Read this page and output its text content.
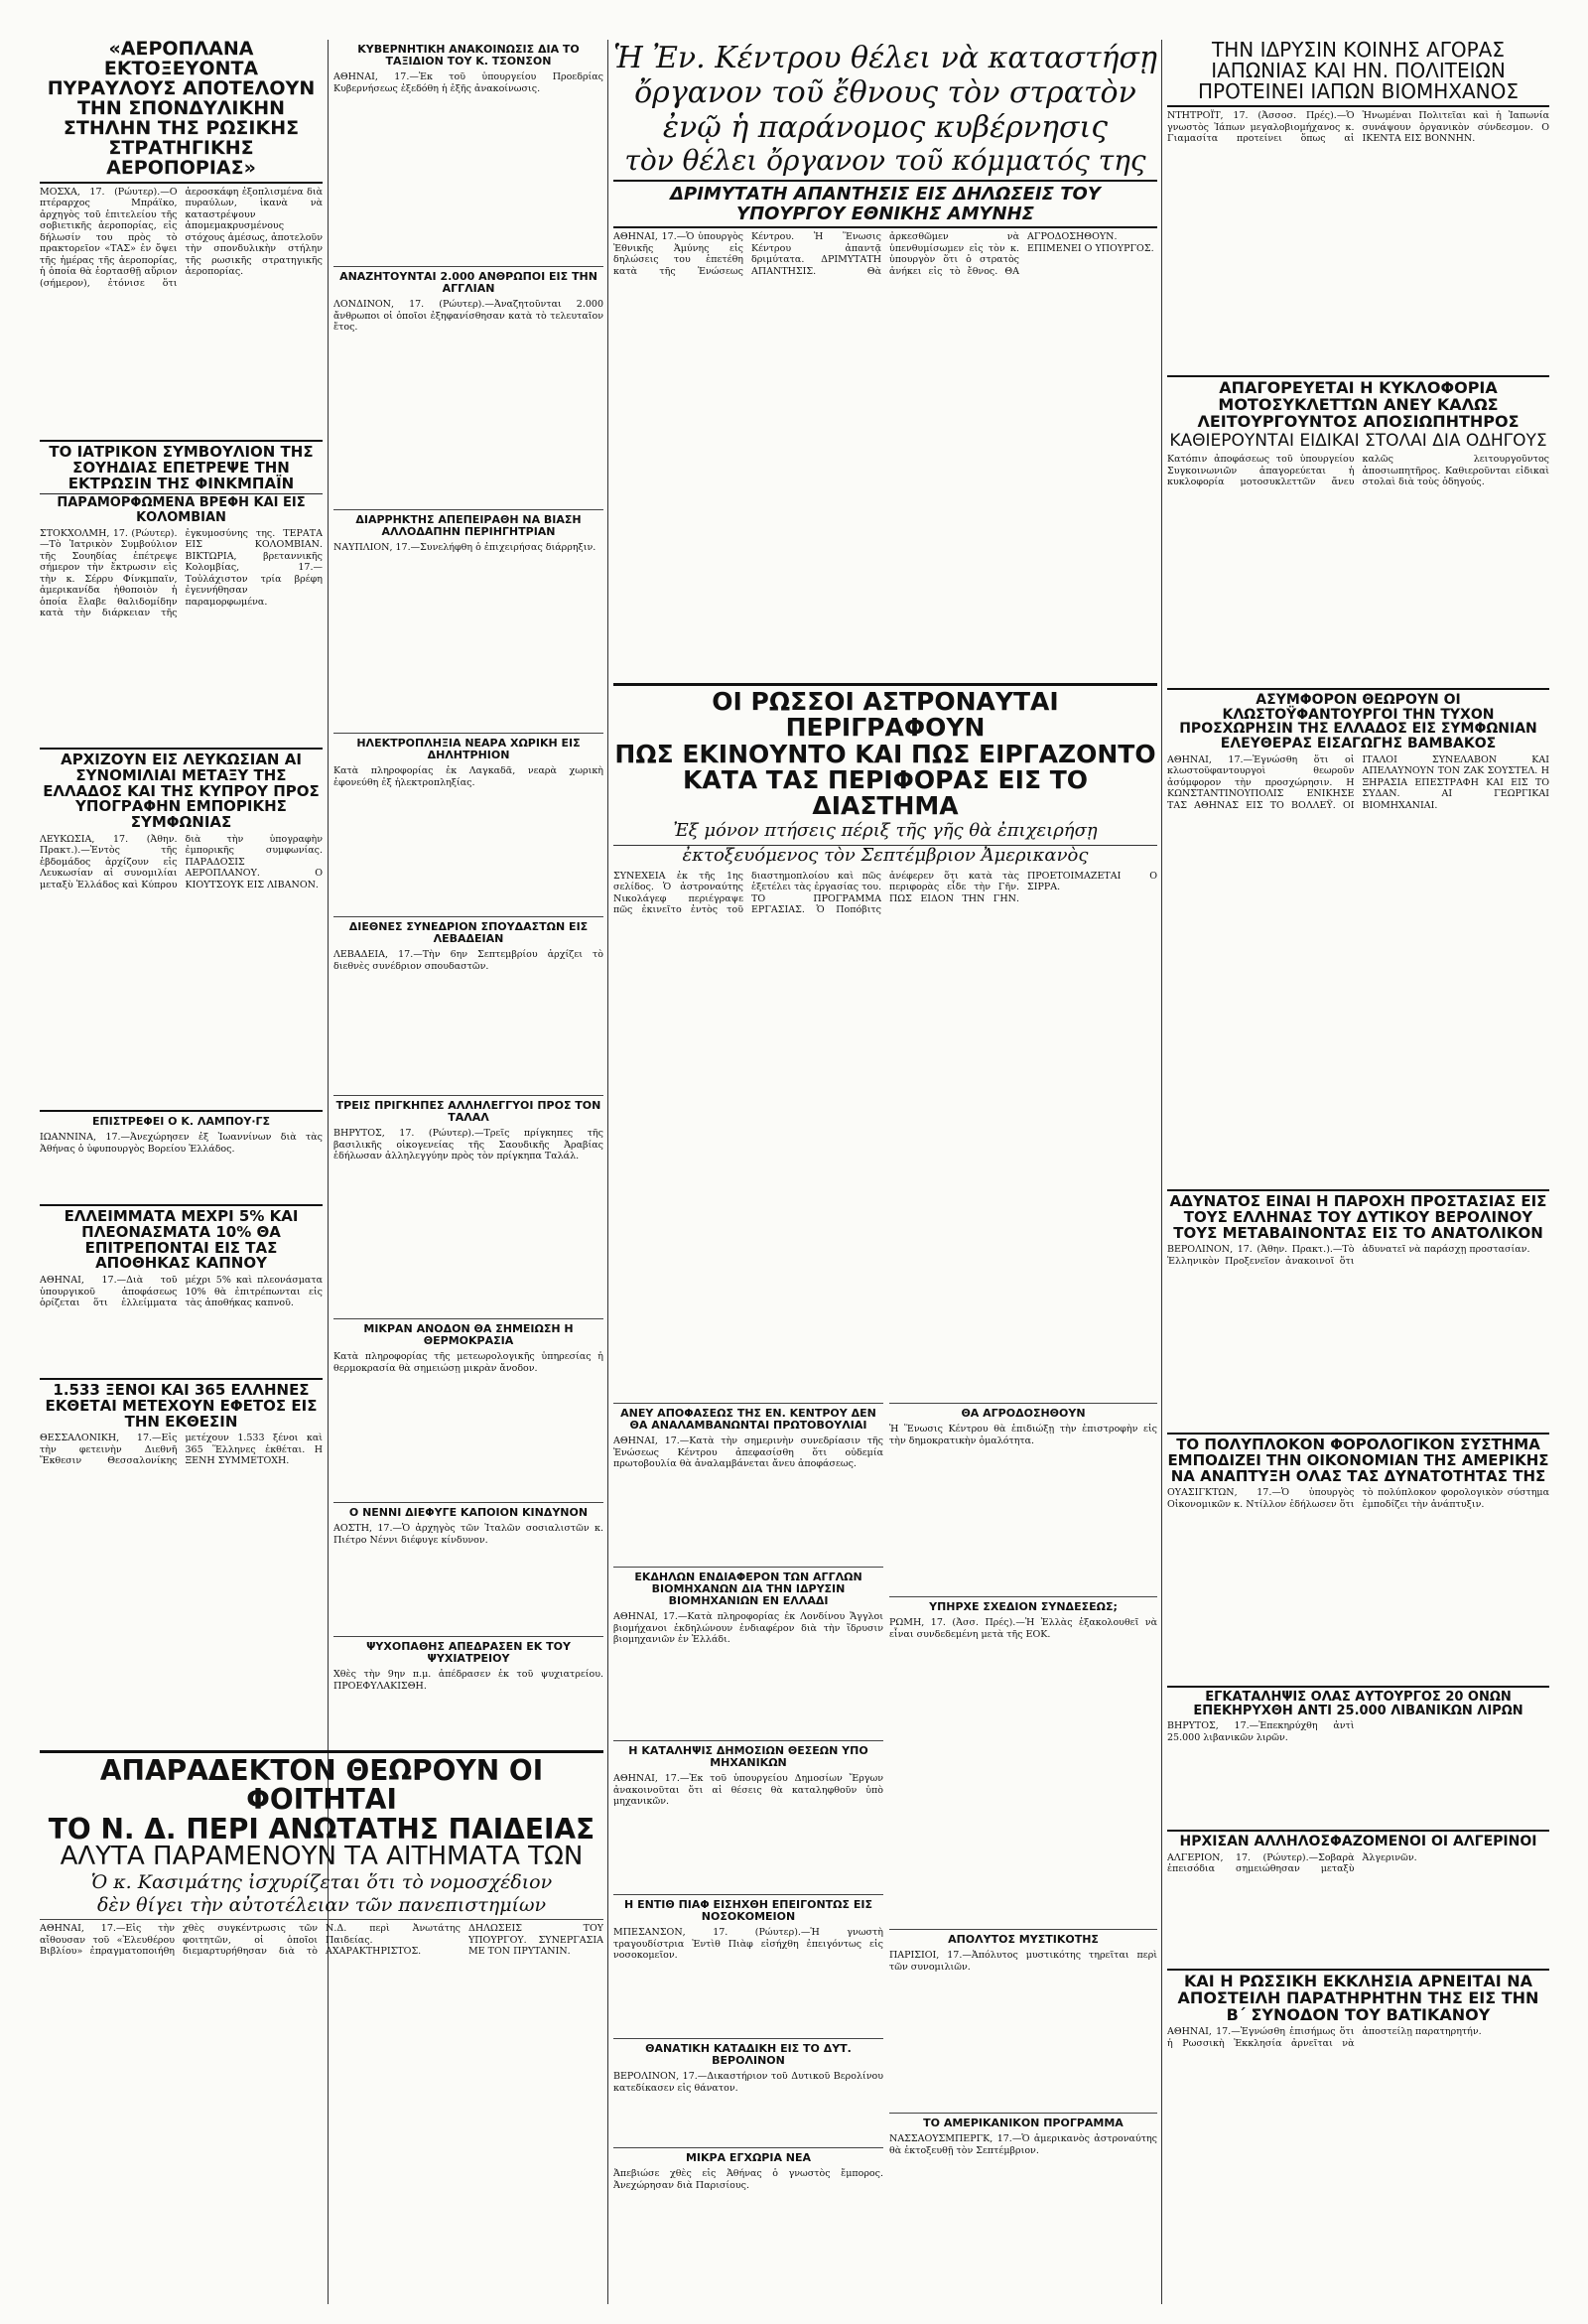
«ΑΕΡΟΠΛΑΝΑ ΕΚΤΟΞΕΥΟΝΤΑ ΠΥΡΑΥΛΟΥΣ ΑΠΟΤΕΛΟΥΝ ΤΗΝ ΣΠΟΝΔΥΛΙΚΗΝ ΣΤΗΛΗΝ ΤΗΣ ΡΩΣΙΚΗΣ ΣΤΡΑΤΗΓΙΚΗΣ ΑΕΡΟΠΟΡΙΑΣ»

ΜΟΣΧΑ, 17. (Ρώυτερ).—Ο πτέραρχος Μπράϊκο, ἀρχηγὸς τοῦ ἐπιτελείου τῆς σοβιετικῆς ἀεροπορίας, εἰς δήλωσίν του πρὸς τὸ πρακτορεῖον «ΤΑΣ» ἐν ὄψει τῆς ἡμέρας τῆς ἀεροπορίας, ἡ ὁποία θὰ ἑορτασθῇ αὔριον (σήμερον), ἐτόνισε ὅτι ἀεροσκάφη ἐξοπλισμένα διὰ πυραύλων, ἱκανὰ νὰ καταστρέψουν ἀπομεμακρυσμένους στόχους ἀμέσως, ἀποτελοῦν τὴν σπονδυλικὴν στήλην τῆς ρωσικῆς στρατηγικῆς ἀεροπορίας.

ΤΟ ΙΑΤΡΙΚΟΝ ΣΥΜΒΟΥΛΙΟΝ ΤΗΣ ΣΟΥΗΔΙΑΣ ΕΠΕΤΡΕΨΕ ΤΗΝ ΕΚΤΡΩΣΙΝ ΤΗΣ ΦΙΝΚΜΠΑΪΝ
ΠΑΡΑΜΟΡΦΩΜΕΝΑ ΒΡΕΦΗ ΚΑΙ ΕΙΣ ΚΟΛΟΜΒΙΑΝ

ΣΤΟΚΧΟΛΜΗ, 17. (Ρώυτερ).—Τὸ Ἰατρικὸν Συμβούλιον τῆς Σουηδίας ἐπέτρεψε σήμερον τὴν ἔκτρωσιν εἰς τὴν κ. Σέρρυ Φίνκμπαϊν, ἀμερικανίδα ἡθοποιὸν ἡ ὁποία ἔλαβε θαλιδομίδην κατὰ τὴν διάρκειαν τῆς ἐγκυμοσύνης της. ΤΕΡΑΤΑ ΕΙΣ ΚΟΛΟΜΒΙΑΝ. ΒΙΚΤΩΡΙΑ, βρεταννικῆς Κολομβίας, 17.—Τοὐλάχιστον τρία βρέφη ἐγεννήθησαν παραμορφωμένα.

ΑΡΧΙΖΟΥΝ ΕΙΣ ΛΕΥΚΩΣΙΑΝ ΑΙ ΣΥΝΟΜΙΛΙΑΙ ΜΕΤΑΞΥ ΤΗΣ ΕΛΛΑΔΟΣ ΚΑΙ ΤΗΣ ΚΥΠΡΟΥ ΠΡΟΣ ΥΠΟΓΡΑΦΗΝ ΕΜΠΟΡΙΚΗΣ ΣΥΜΦΩΝΙΑΣ

ΛΕΥΚΩΣΙΑ, 17. (Ἀθην. Πρακτ.).—Ἐντὸς τῆς ἑβδομάδος ἀρχίζουν εἰς Λευκωσίαν αἱ συνομιλίαι μεταξὺ Ἑλλάδος καὶ Κύπρου διὰ τὴν ὑπογραφὴν ἐμπορικῆς συμφωνίας. ΠΑΡΑΔΟΣΙΣ ΑΕΡΟΠΛΑΝΟΥ. Ο ΚΙΟΥΤΣΟΥΚ ΕΙΣ ΛΙΒΑΝΟΝ.

ΕΠΙΣΤΡΕΦΕΙ Ο Κ. ΛΑΜΠΟΥ·ΓΣ

ΙΩΑΝΝΙΝΑ, 17.—Ἀνεχώρησεν ἐξ Ἰωαννίνων διὰ τὰς Ἀθήνας ὁ ὑφυπουργὸς Βορείου Ἑλλάδος.

ΕΛΛΕΙΜΜΑΤΑ ΜΕΧΡΙ 5% ΚΑΙ ΠΛΕΟΝΑΣΜΑΤΑ 10% ΘΑ ΕΠΙΤΡΕΠΟΝΤΑΙ ΕΙΣ ΤΑΣ ΑΠΟΘΗΚΑΣ ΚΑΠΝΟΥ

ΑΘΗΝΑΙ, 17.—Διὰ τοῦ ὑπουργικοῦ ἀποφάσεως ὁρίζεται ὅτι ἐλλείμματα μέχρι 5% καὶ πλεονάσματα 10% θὰ ἐπιτρέπωνται εἰς τὰς ἀποθήκας καπνοῦ.

1.533 ΞΕΝΟΙ ΚΑΙ 365 ΕΛΛΗΝΕΣ ΕΚΘΕΤΑΙ ΜΕΤΕΧΟΥΝ ΕΦΕΤΟΣ ΕΙΣ ΤΗΝ ΕΚΘΕΣΙΝ

ΘΕΣΣΑΛΟΝΙΚΗ, 17.—Εἰς τὴν φετεινὴν Διεθνῆ Ἔκθεσιν Θεσσαλονίκης μετέχουν 1.533 ξένοι καὶ 365 Ἕλληνες ἐκθέται. Η ΞΕΝΗ ΣΥΜΜΕΤΟΧΗ.

ΚΥΒΕΡΝΗΤΙΚΗ ΑΝΑΚΟΙΝΩΣΙΣ ΔΙΑ ΤΟ ΤΑΞΙΔΙΟΝ ΤΟΥ Κ. ΤΣΟΝΣΟΝ

ΑΘΗΝΑΙ, 17.—Ἐκ τοῦ ὑπουργείου Προεδρίας Κυβερνήσεως ἐξεδόθη ἡ ἑξῆς ἀνακοίνωσις.

ΑΝΑΖΗΤΟΥΝΤΑΙ 2.000 ΑΝΘΡΩΠΟΙ ΕΙΣ ΤΗΝ ΑΓΓΛΙΑΝ

ΛΟΝΔΙΝΟΝ, 17. (Ρώυτερ).—Ἀναζητοῦνται 2.000 ἄνθρωποι οἱ ὁποῖοι ἐξηφανίσθησαν κατὰ τὸ τελευταῖον ἔτος.

ΔΙΑΡΡΗΚΤΗΣ ΑΠΕΠΕΙΡΑΘΗ ΝΑ ΒΙΑΣΗ ΑΛΛΟΔΑΠΗΝ ΠΕΡΙΗΓΗΤΡΙΑΝ

ΝΑΥΠΛΙΟΝ, 17.—Συνελήφθη ὁ ἐπιχειρήσας διάρρηξιν.

ΗΛΕΚΤΡΟΠΛΗΞΙΑ ΝΕΑΡΑ ΧΩΡΙΚΗ ΕΙΣ ΔΗΛΗΤΡΗΙΟΝ

Κατὰ πληροφορίας ἐκ Λαγκαδᾶ, νεαρὰ χωρικὴ ἐφονεύθη ἐξ ἠλεκτροπληξίας.

ΔΙΕΘΝΕΣ ΣΥΝΕΔΡΙΟΝ ΣΠΟΥΔΑΣΤΩΝ ΕΙΣ ΛΕΒΑΔΕΙΑΝ

ΛΕΒΑΔΕΙΑ, 17.—Τὴν 6ην Σεπτεμβρίου ἀρχίζει τὸ διεθνὲς συνέδριον σπουδαστῶν.

ΤΡΕΙΣ ΠΡΙΓΚΗΠΕΣ ΑΛΛΗΛΕΓΓΥΟΙ ΠΡΟΣ ΤΟΝ ΤΑΛΑΛ

ΒΗΡΥΤΟΣ, 17. (Ρώυτερ).—Τρεῖς πρίγκηπες τῆς βασιλικῆς οἰκογενείας τῆς Σαουδικῆς Ἀραβίας ἐδήλωσαν ἀλληλεγγύην πρὸς τὸν πρίγκηπα Ταλάλ.

ΜΙΚΡΑΝ ΑΝΟΔΟΝ ΘΑ ΣΗΜΕΙΩΣΗ Η ΘΕΡΜΟΚΡΑΣΙΑ

Κατὰ πληροφορίας τῆς μετεωρολογικῆς ὑπηρεσίας ἡ θερμοκρασία θὰ σημειώσῃ μικρὰν ἄνοδον.

Ο ΝΕΝΝΙ ΔΙΕΦΥΓΕ ΚΑΠΟΙΟΝ ΚΙΝΔΥΝΟΝ

ΑΟΣΤΗ, 17.—Ὁ ἀρχηγὸς τῶν Ἰταλῶν σοσιαλιστῶν κ. Πιέτρο Νέννι διέφυγε κίνδυνον.

ΨΥΧΟΠΑΘΗΣ ΑΠΕΔΡΑΣΕΝ ΕΚ ΤΟΥ ΨΥΧΙΑΤΡΕΙΟΥ

Χθὲς τὴν 9ην π.μ. ἀπέδρασεν ἐκ τοῦ ψυχιατρείου. ΠΡΟΕΦΥΛΑΚΙΣΘΗ.

Ἡ Ἐν. Κέντρου θέλει νὰ καταστήσῃ
ὄργανον τοῦ ἔθνους τὸν στρατὸν
ἐνῷ ἡ παράνομος κυβέρνησις
τὸν θέλει ὄργανον τοῦ κόμματός της
ΔΡΙΜΥΤΑΤΗ ΑΠΑΝΤΗΣΙΣ ΕΙΣ ΔΗΛΩΣΕΙΣ ΤΟΥ ΥΠΟΥΡΓΟΥ ΕΘΝΙΚΗΣ ΑΜΥΝΗΣ

ΑΘΗΝΑΙ, 17.—Ὁ ὑπουργὸς Ἐθνικῆς Ἀμύνης εἰς δηλώσεις του ἐπετέθη κατὰ τῆς Ἑνώσεως Κέντρου. Ἡ Ἕνωσις Κέντρου ἀπαντᾷ δριμύτατα. ΔΡΙΜΥΤΑΤΗ ΑΠΑΝΤΗΣΙΣ. Θὰ ἀρκεσθῶμεν νὰ ὑπενθυμίσωμεν εἰς τὸν κ. ὑπουργὸν ὅτι ὁ στρατὸς ἀνήκει εἰς τὸ ἔθνος. ΘΑ ΑΓΡΟΔΟΣΗΘΟΥΝ. ΕΠΙΜΕΝΕΙ Ο ΥΠΟΥΡΓΟΣ.

ΟΙ ΡΩΣΣΟΙ ΑΣΤΡΟΝΑΥΤΑΙ ΠΕΡΙΓΡΑΦΟΥΝ
ΠΩΣ ΕΚΙΝΟΥΝΤΟ ΚΑΙ ΠΩΣ ΕΙΡΓΑΖΟΝΤΟ
ΚΑΤΑ ΤΑΣ ΠΕΡΙΦΟΡΑΣ ΕΙΣ ΤΟ ΔΙΑΣΤΗΜΑ
Ἐξ μόνον πτήσεις πέριξ τῆς γῆς θὰ ἐπιχειρήσῃ
ἐκτοξευόμενος τὸν Σεπτέμβριον Ἀμερικανὸς

ΣΥΝΕΧΕΙΑ ἐκ τῆς 1ης σελίδος. Ὁ ἀστροναύτης Νικολάγεφ περιέγραψε πῶς ἐκινεῖτο ἐντὸς τοῦ διαστημοπλοίου καὶ πῶς ἐξετέλει τὰς ἐργασίας του. ΤΟ ΠΡΟΓΡΑΜΜΑ ΕΡΓΑΣΙΑΣ. Ὁ Ποπόβιτς ἀνέφερεν ὅτι κατὰ τὰς περιφορὰς εἶδε τὴν Γῆν. ΠΩΣ ΕΙΔΟΝ ΤΗΝ ΓΗΝ. ΠΡΟΕΤΟΙΜΑΖΕΤΑΙ Ο ΣΙΡΡΑ.

ΑΝΕΥ ΑΠΟΦΑΣΕΩΣ ΤΗΣ ΕΝ. ΚΕΝΤΡΟΥ ΔΕΝ ΘΑ ΑΝΑΛΑΜΒΑΝΩΝΤΑΙ ΠΡΩΤΟΒΟΥΛΙΑΙ

ΑΘΗΝΑΙ, 17.—Κατὰ τὴν σημερινὴν συνεδρίασιν τῆς Ἑνώσεως Κέντρου ἀπεφασίσθη ὅτι οὐδεμία πρωτοβουλία θὰ ἀναλαμβάνεται ἄνευ ἀποφάσεως.

ΕΚΔΗΛΩΝ ΕΝΔΙΑΦΕΡΟΝ ΤΩΝ ΑΓΓΛΩΝ ΒΙΟΜΗΧΑΝΩΝ ΔΙΑ ΤΗΝ ΙΔΡΥΣΙΝ ΒΙΟΜΗΧΑΝΙΩΝ ΕΝ ΕΛΛΑΔΙ

ΑΘΗΝΑΙ, 17.—Κατὰ πληροφορίας ἐκ Λονδίνου Ἄγγλοι βιομήχανοι ἐκδηλώνουν ἐνδιαφέρον διὰ τὴν ἵδρυσιν βιομηχανιῶν ἐν Ἑλλάδι.

Η ΚΑΤΑΛΗΨΙΣ ΔΗΜΟΣΙΩΝ ΘΕΣΕΩΝ ΥΠΟ ΜΗΧΑΝΙΚΩΝ

ΑΘΗΝΑΙ, 17.—Ἐκ τοῦ ὑπουργείου Δημοσίων Ἔργων ἀνακοινοῦται ὅτι αἱ θέσεις θὰ καταληφθοῦν ὑπὸ μηχανικῶν.

Η ΕΝΤΙΘ ΠΙΑΦ ΕΙΣΗΧΘΗ ΕΠΕΙΓΟΝΤΩΣ ΕΙΣ ΝΟΣΟΚΟΜΕΙΟΝ

ΜΠΕΣΑΝΣΟΝ, 17. (Ρώυτερ).—Ἡ γνωστὴ τραγουδίστρια Ἐντὶθ Πιὰφ εἰσήχθη ἐπειγόντως εἰς νοσοκομεῖον.

ΘΑΝΑΤΙΚΗ ΚΑΤΑΔΙΚΗ ΕΙΣ ΤΟ ΔΥΤ. ΒΕΡΟΛΙΝΟΝ

ΒΕΡΟΛΙΝΟΝ, 17.—Δικαστήριον τοῦ Δυτικοῦ Βερολίνου κατεδίκασεν εἰς θάνατον.

ΜΙΚΡΑ ΕΓΧΩΡΙΑ ΝΕΑ

Ἀπεβιώσε χθὲς εἰς Ἀθήνας ὁ γνωστὸς ἔμπορος. Ἀνεχώρησαν διὰ Παρισίους.

ΘΑ ΑΓΡΟΔΟΣΗΘΟΥΝ

Ἡ Ἕνωσις Κέντρου θὰ ἐπιδιώξῃ τὴν ἐπιστροφὴν εἰς τὴν δημοκρατικὴν ὁμαλότητα.

ΥΠΗΡΧΕ ΣΧΕΔΙΟΝ ΣΥΝΔΕΣΕΩΣ;

ΡΩΜΗ, 17. (Ἀσσ. Πρές).—Ἡ Ἑλλὰς ἐξακολουθεῖ νὰ εἶναι συνδεδεμένη μετὰ τῆς ΕΟΚ.

ΑΠΟΛΥΤΟΣ ΜΥΣΤΙΚΟΤΗΣ

ΠΑΡΙΣΙΟΙ, 17.—Ἀπόλυτος μυστικότης τηρεῖται περὶ τῶν συνομιλιῶν.

ΤΟ ΑΜΕΡΙΚΑΝΙΚΟΝ ΠΡΟΓΡΑΜΜΑ

ΝΑΣΣΑΟΥΣΜΠΕΡΓΚ, 17.—Ὁ ἀμερικανὸς ἀστροναύτης θὰ ἐκτοξευθῇ τὸν Σεπτέμβριον.

ΤΗΝ ΙΔΡΥΣΙΝ ΚΟΙΝΗΣ ΑΓΟΡΑΣ ΙΑΠΩΝΙΑΣ ΚΑΙ ΗΝ. ΠΟΛΙΤΕΙΩΝ ΠΡΟΤΕΙΝΕΙ ΙΑΠΩΝ ΒΙΟΜΗΧΑΝΟΣ

ΝΤΗΤΡΟΪΤ, 17. (Ἀσσοσ. Πρές).—Ὁ γνωστὸς Ἰάπων μεγαλοβιομήχανος κ. Γιαμασίτα προτείνει ὅπως αἱ Ἡνωμέναι Πολιτεῖαι καὶ ἡ Ἰαπωνία συνάψουν ὀργανικὸν σύνδεσμον. Ο ΙΚΕΝΤΑ ΕΙΣ ΒΟΝΝΗΝ.

ΑΠΑΓΟΡΕΥΕΤΑΙ Η ΚΥΚΛΟΦΟΡΙΑ ΜΟΤΟΣΥΚΛΕΤΤΩΝ ΑΝΕΥ ΚΑΛΩΣ ΛΕΙΤΟΥΡΓΟΥΝΤΟΣ ΑΠΟΣΙΩΠΗΤΗΡΟΣ
ΚΑΘΙΕΡΟΥΝΤΑΙ ΕΙΔΙΚΑΙ ΣΤΟΛΑΙ ΔΙΑ ΟΔΗΓΟΥΣ

Κατόπιν ἀποφάσεως τοῦ ὑπουργείου Συγκοινωνιῶν ἀπαγορεύεται ἡ κυκλοφορία μοτοσυκλεττῶν ἄνευ καλῶς λειτουργοῦντος ἀποσιωπητῆρος. Καθιεροῦνται εἰδικαὶ στολαὶ διὰ τοὺς ὁδηγούς.

ΑΣΥΜΦΟΡΟΝ ΘΕΩΡΟΥΝ ΟΙ ΚΛΩΣΤΟΫΦΑΝΤΟΥΡΓΟΙ ΤΗΝ ΤΥΧΟΝ ΠΡΟΣΧΩΡΗΣΙΝ ΤΗΣ ΕΛΛΑΔΟΣ ΕΙΣ ΣΥΜΦΩΝΙΑΝ ΕΛΕΥΘΕΡΑΣ ΕΙΣΑΓΩΓΗΣ ΒΑΜΒΑΚΟΣ

ΑΘΗΝΑΙ, 17.—Ἐγνώσθη ὅτι οἱ κλωστοϋφαντουργοὶ θεωροῦν ἀσύμφορον τὴν προσχώρησιν. Η ΚΩΝΣΤΑΝΤΙΝΟΥΠΟΛΙΣ ΕΝΙΚΗΣΕ ΤΑΣ ΑΘΗΝΑΣ ΕΙΣ ΤΟ ΒΟΛΛΕΫ. ΟΙ ΙΤΑΛΟΙ ΣΥΝΕΛΑΒΟΝ ΚΑΙ ΑΠΕΛΑΥΝΟΥΝ ΤΟΝ ΖΑΚ ΣΟΥΣΤΕΛ. Η ΞΗΡΑΣΙΑ ΕΠΕΣΤΡΑΦΗ ΚΑΙ ΕΙΣ ΤΟ ΣΥΔΑΝ. ΑΙ ΓΕΩΡΓΙΚΑΙ ΒΙΟΜΗΧΑΝΙΑΙ.

ΑΔΥΝΑΤΟΣ ΕΙΝΑΙ Η ΠΑΡΟΧΗ ΠΡΟΣΤΑΣΙΑΣ ΕΙΣ ΤΟΥΣ ΕΛΛΗΝΑΣ ΤΟΥ ΔΥΤΙΚΟΥ ΒΕΡΟΛΙΝΟΥ ΤΟΥΣ ΜΕΤΑΒΑΙΝΟΝΤΑΣ ΕΙΣ ΤΟ ΑΝΑΤΟΛΙΚΟΝ

ΒΕΡΟΛΙΝΟΝ, 17. (Ἀθην. Πρακτ.).—Τὸ Ἑλληνικὸν Προξενεῖον ἀνακοινοῖ ὅτι ἀδυνατεῖ νὰ παράσχῃ προστασίαν.

ΤΟ ΠΟΛΥΠΛΟΚΟΝ ΦΟΡΟΛΟΓΙΚΟΝ ΣΥΣΤΗΜΑ ΕΜΠΟΔΙΖΕΙ ΤΗΝ ΟΙΚΟΝΟΜΙΑΝ ΤΗΣ ΑΜΕΡΙΚΗΣ ΝΑ ΑΝΑΠΤΥΞΗ ΟΛΑΣ ΤΑΣ ΔΥΝΑΤΟΤΗΤΑΣ ΤΗΣ

ΟΥΑΣΙΓΚΤΩΝ, 17.—Ὁ ὑπουργὸς Οἰκονομικῶν κ. Ντίλλον ἐδήλωσεν ὅτι τὸ πολύπλοκον φορολογικὸν σύστημα ἐμποδίζει τὴν ἀνάπτυξιν.

ΕΓΚΑΤΑΛΗΨΙΣ ΟΛΑΣ ΑΥΤΟΥΡΓΟΣ 20 ΟΝΩΝ ΕΠΕΚΗΡΥΧΘΗ ΑΝΤΙ 25.000 ΛΙΒΑΝΙΚΩΝ ΛΙΡΩΝ

ΒΗΡΥΤΟΣ, 17.—Ἐπεκηρύχθη ἀντὶ 25.000 λιβανικῶν λιρῶν.

ΗΡΧΙΣΑΝ ΑΛΛΗΛΟΣΦΑΖΟΜΕΝΟΙ ΟΙ ΑΛΓΕΡΙΝΟΙ

ΑΛΓΕΡΙΟΝ, 17. (Ρώυτερ).—Σοβαρὰ ἐπεισόδια σημειώθησαν μεταξὺ Ἀλγερινῶν.

ΚΑΙ Η ΡΩΣΣΙΚΗ ΕΚΚΛΗΣΙΑ ΑΡΝΕΙΤΑΙ ΝΑ ΑΠΟΣΤΕΙΛΗ ΠΑΡΑΤΗΡΗΤΗΝ ΤΗΣ ΕΙΣ ΤΗΝ Β΄ ΣΥΝΟΔΟΝ ΤΟΥ ΒΑΤΙΚΑΝΟΥ

ΑΘΗΝΑΙ, 17.—Ἐγνώσθη ἐπισήμως ὅτι ἡ Ρωσσικὴ Ἐκκλησία ἀρνεῖται νὰ ἀποστείλῃ παρατηρητήν.

ΑΠΑΡΑΔΕΚΤΟΝ ΘΕΩΡΟΥΝ ΟΙ ΦΟΙΤΗΤΑΙ
ΤΟ Ν. Δ. ΠΕΡΙ ΑΝΩΤΑΤΗΣ ΠΑΙΔΕΙΑΣ
ΑΛΥΤΑ ΠΑΡΑΜΕΝΟΥΝ ΤΑ ΑΙΤΗΜΑΤΑ ΤΩΝ
Ὁ κ. Κασιμάτης ἰσχυρίζεται ὅτι τὸ νομοσχέδιον
δὲν θίγει τὴν αὐτοτέλειαν τῶν πανεπιστημίων

ΑΘΗΝΑΙ, 17.—Εἰς τὴν αἴθουσαν τοῦ «Ἐλευθέρου Βιβλίου» ἐπραγματοποιήθη χθὲς συγκέντρωσις τῶν φοιτητῶν, οἱ ὁποῖοι διεμαρτυρήθησαν διὰ τὸ Ν.Δ. περὶ Ἀνωτάτης Παιδείας. ΑΧΑΡΑΚΤΗΡΙΣΤΟΣ. ΔΗΛΩΣΕΙΣ ΤΟΥ ΥΠΟΥΡΓΟΥ. ΣΥΝΕΡΓΑΣΙΑ ΜΕ ΤΟΝ ΠΡΥΤΑΝΙΝ.
